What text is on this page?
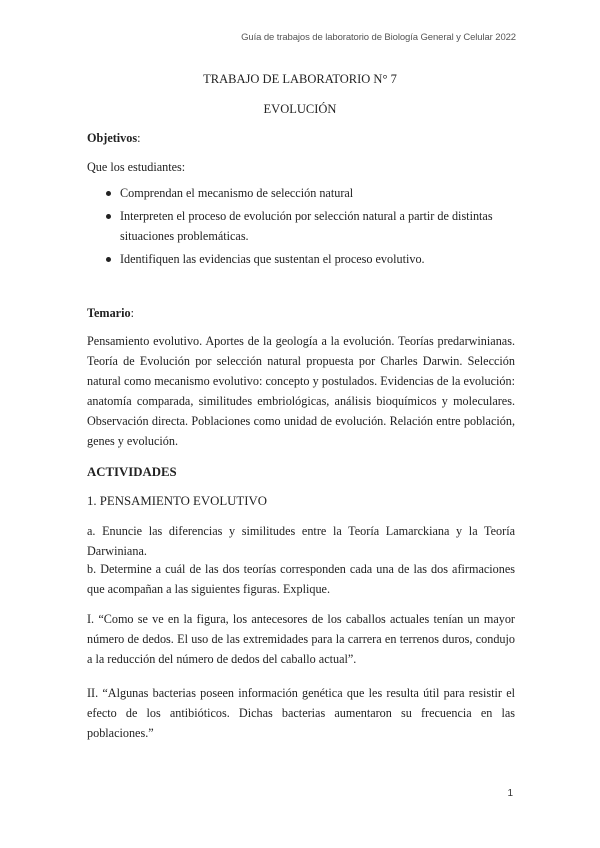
Guía de trabajos de laboratorio de Biología General y Celular 2022
TRABAJO DE LABORATORIO N° 7
EVOLUCIÓN
Objetivos:
Que los estudiantes:
Comprendan el mecanismo de selección natural
Interpreten el proceso de evolución por selección natural a partir de distintas situaciones problemáticas.
Identifiquen las evidencias que sustentan el proceso evolutivo.
Temario:

Pensamiento evolutivo. Aportes de la geología a la evolución. Teorías predarwinianas. Teoría de Evolución por selección natural propuesta por Charles Darwin. Selección natural como mecanismo evolutivo: concepto y postulados. Evidencias de la evolución: anatomía comparada, similitudes embriológicas, análisis bioquímicos y moleculares. Observación directa. Poblaciones como unidad de evolución. Relación entre población, genes y evolución.

ACTIVIDADES
1. PENSAMIENTO EVOLUTIVO

a. Enuncie las diferencias y similitudes entre la Teoría Lamarckiana y la Teoría Darwiniana.

b. Determine a cuál de las dos teorías corresponden cada una de las dos afirmaciones que acompañan a las siguientes figuras. Explique.

I. “Como se ve en la figura, los antecesores de los caballos actuales tenían un mayor número de dedos. El uso de las extremidades para la carrera en terrenos duros, condujo a la reducción del número de dedos del caballo actual”.

II. “Algunas bacterias poseen información genética que les resulta útil para resistir el efecto de los antibióticos. Dichas bacterias aumentaron su frecuencia en las poblaciones.”

1
